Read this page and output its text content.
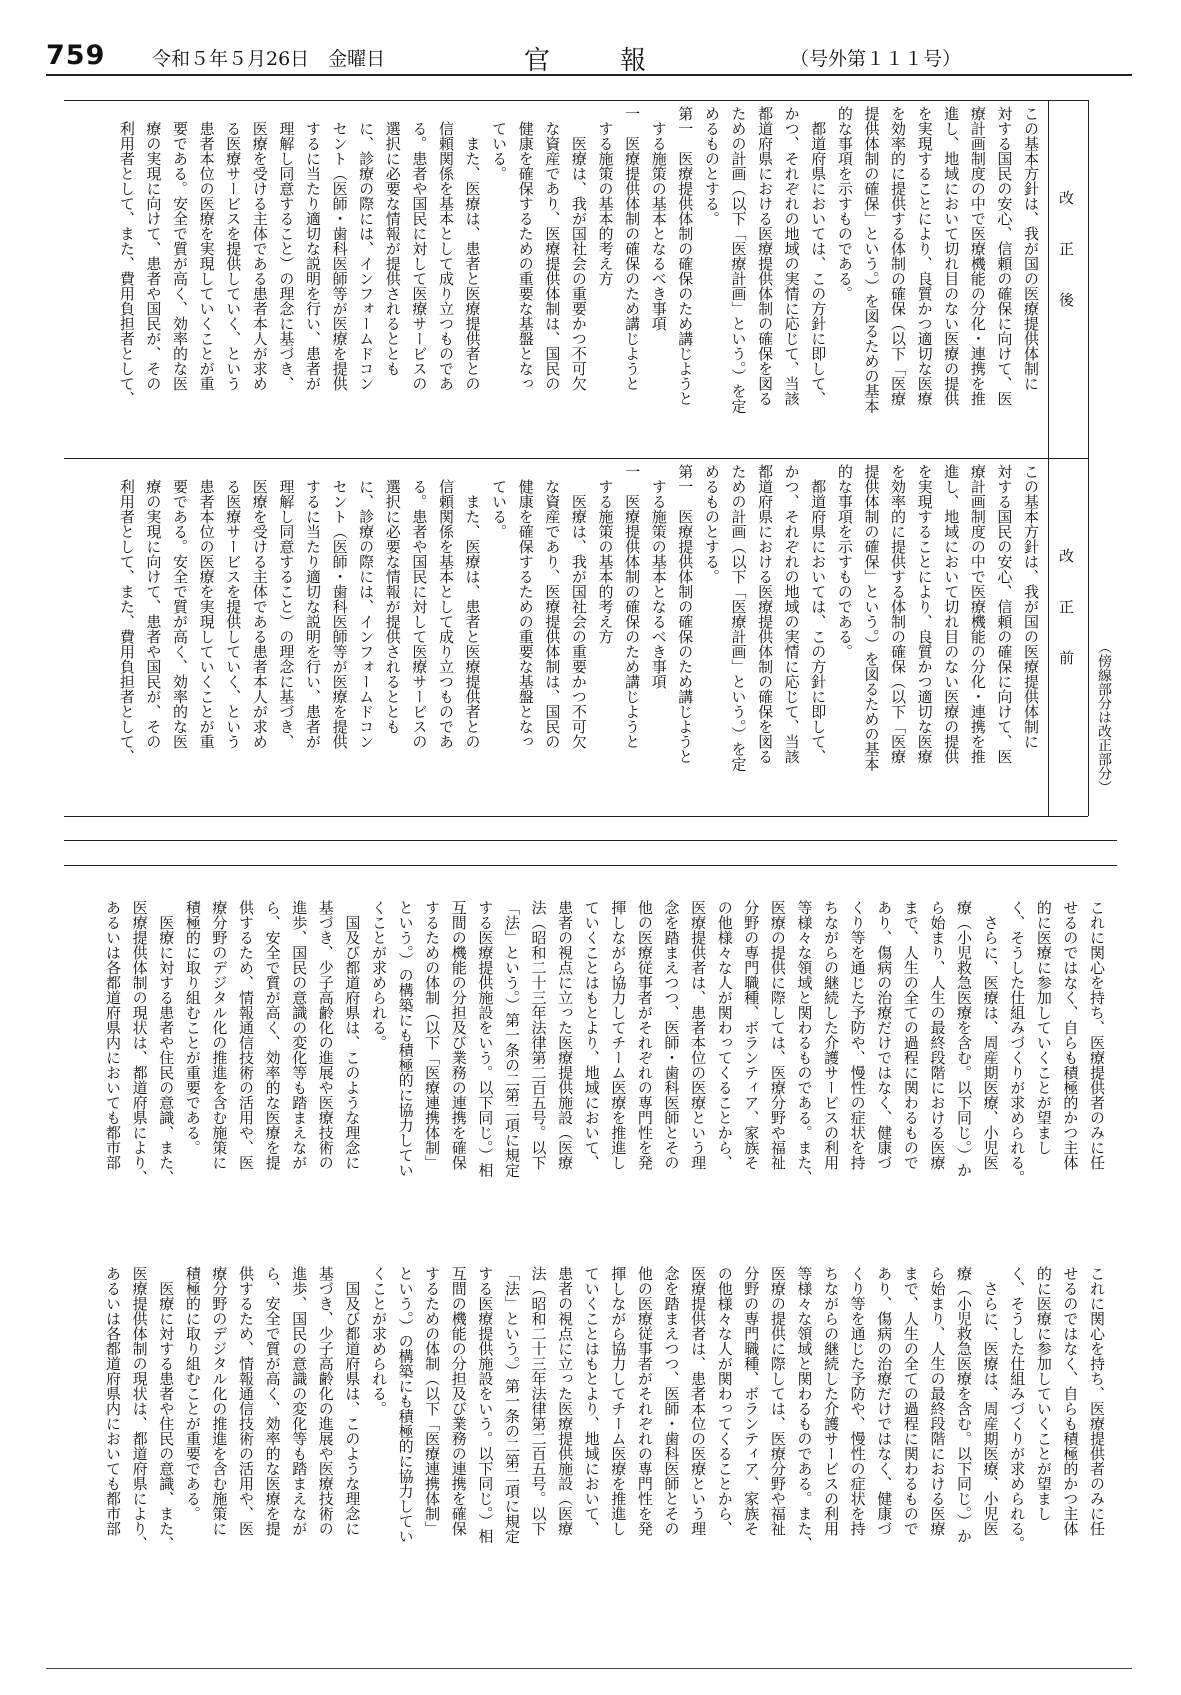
759 令和５年５月26日　金曜日	官報	（号外第１１１号）
（傍線部分は改正部分）
改正後
改正前
この基本方針は、我が国の医療提供体制に
対する国民の安心、信頼の確保に向けて、医
療計画制度の中で医療機能の分化・連携を推
進し、地域において切れ目のない医療の提供
を実現することにより、良質かつ適切な医療
を効率的に提供する体制の確保（以下「医療
提供体制の確保」という。）を図るための基本
的な事項を示すものである。
　都道府県においては、この方針に即して、
かつ、それぞれの地域の実情に応じて、当該
都道府県における医療提供体制の確保を図る
ための計画（以下「医療計画」という。）を定
めるものとする。
第一　医療提供体制の確保のため講じようと
　する施策の基本となるべき事項
一　医療提供体制の確保のため講じようと
　する施策の基本的考え方
　　医療は、我が国社会の重要かつ不可欠
　な資産であり、医療提供体制は、国民の
　健康を確保するための重要な基盤となっ
　ている。
　　また、医療は、患者と医療提供者との
　信頼関係を基本として成り立つものであ
　る。患者や国民に対して医療サービスの
　選択に必要な情報が提供されるととも
　に、診療の際には、インフォームドコン
　セント（医師・歯科医師等が医療を提供
　するに当たり適切な説明を行い、患者が
　理解し同意すること）の理念に基づき、
　医療を受ける主体である患者本人が求め
　る医療サービスを提供していく、という
　患者本位の医療を実現していくことが重
　要である。安全で質が高く、効率的な医
　療の実現に向けて、患者や国民が、その
　利用者として、また、費用負担者として、
この基本方針は、我が国の医療提供体制に
対する国民の安心、信頼の確保に向けて、医
療計画制度の中で医療機能の分化・連携を推
進し、地域において切れ目のない医療の提供
を実現することにより、良質かつ適切な医療
を効率的に提供する体制の確保（以下「医療
提供体制の確保」という。）を図るための基本
的な事項を示すものである。
　都道府県においては、この方針に即して、
かつ、それぞれの地域の実情に応じて、当該
都道府県における医療提供体制の確保を図る
ための計画（以下「医療計画」という。）を定
めるものとする。
第一　医療提供体制の確保のため講じようと
　する施策の基本となるべき事項
一　医療提供体制の確保のため講じようと
　する施策の基本的考え方
　　医療は、我が国社会の重要かつ不可欠
　な資産であり、医療提供体制は、国民の
　健康を確保するための重要な基盤となっ
　ている。
　　また、医療は、患者と医療提供者との
　信頼関係を基本として成り立つものであ
　る。患者や国民に対して医療サービスの
　選択に必要な情報が提供されるととも
　に、診療の際には、インフォームドコン
　セント（医師・歯科医師等が医療を提供
　するに当たり適切な説明を行い、患者が
　理解し同意すること）の理念に基づき、
　医療を受ける主体である患者本人が求め
　る医療サービスを提供していく、という
　患者本位の医療を実現していくことが重
　要である。安全で質が高く、効率的な医
　療の実現に向けて、患者や国民が、その
　利用者として、また、費用負担者として、
これに関心を持ち、医療提供者のみに任
せるのではなく、自らも積極的かつ主体
的に医療に参加していくことが望まし
く、そうした仕組みづくりが求められる。
　さらに、医療は、周産期医療、小児医
療（小児救急医療を含む。以下同じ。）か
ら始まり、人生の最終段階における医療
まで、人生の全ての過程に関わるもので
あり、傷病の治療だけではなく、健康づ
くり等を通じた予防や、慢性の症状を持
ちながらの継続した介護サービスの利用
等様々な領域と関わるものである。また、
医療の提供に際しては、医療分野や福祉
分野の専門職種、ボランティア、家族そ
の他様々な人が関わってくることから、
医療提供者は、患者本位の医療という理
念を踏まえつつ、医師・歯科医師とその
他の医療従事者がそれぞれの専門性を発
揮しながら協力してチーム医療を推進し
ていくことはもとより、地域において、
患者の視点に立った医療提供施設（医療
法（昭和二十三年法律第二百五号。以下
「法」という。）第一条の二第二項に規定
する医療提供施設をいう。以下同じ。）相
互間の機能の分担及び業務の連携を確保
するための体制（以下「医療連携体制」
という。）の構築にも積極的に協力してい
くことが求められる。
　国及び都道府県は、このような理念に
基づき、少子高齢化の進展や医療技術の
進歩、国民の意識の変化等も踏まえなが
ら、安全で質が高く、効率的な医療を提
供するため、情報通信技術の活用や、医
療分野のデジタル化の推進を含む施策に
積極的に取り組むことが重要である。
　医療に対する患者や住民の意識、また、
医療提供体制の現状は、都道府県により、
あるいは各都道府県内においても都市部
これに関心を持ち、医療提供者のみに任
せるのではなく、自らも積極的かつ主体
的に医療に参加していくことが望まし
く、そうした仕組みづくりが求められる。
　さらに、医療は、周産期医療、小児医
療（小児救急医療を含む。以下同じ。）か
ら始まり、人生の最終段階における医療
まで、人生の全ての過程に関わるもので
あり、傷病の治療だけではなく、健康づ
くり等を通じた予防や、慢性の症状を持
ちながらの継続した介護サービスの利用
等様々な領域と関わるものである。また、
医療の提供に際しては、医療分野や福祉
分野の専門職種、ボランティア、家族そ
の他様々な人が関わってくることから、
医療提供者は、患者本位の医療という理
念を踏まえつつ、医師・歯科医師とその
他の医療従事者がそれぞれの専門性を発
揮しながら協力してチーム医療を推進し
ていくことはもとより、地域において、
患者の視点に立った医療提供施設（医療
法（昭和二十三年法律第二百五号。以下
「法」という。）第一条の二第二項に規定
する医療提供施設をいう。以下同じ。）相
互間の機能の分担及び業務の連携を確保
するための体制（以下「医療連携体制」
という。）の構築にも積極的に協力してい
くことが求められる。
　国及び都道府県は、このような理念に
基づき、少子高齢化の進展や医療技術の
進歩、国民の意識の変化等も踏まえなが
ら、安全で質が高く、効率的な医療を提
供するため、情報通信技術の活用や、医
療分野のデジタル化の推進を含む施策に
積極的に取り組むことが重要である。
　医療に対する患者や住民の意識、また、
医療提供体制の現状は、都道府県により、
あるいは各都道府県内においても都市部
